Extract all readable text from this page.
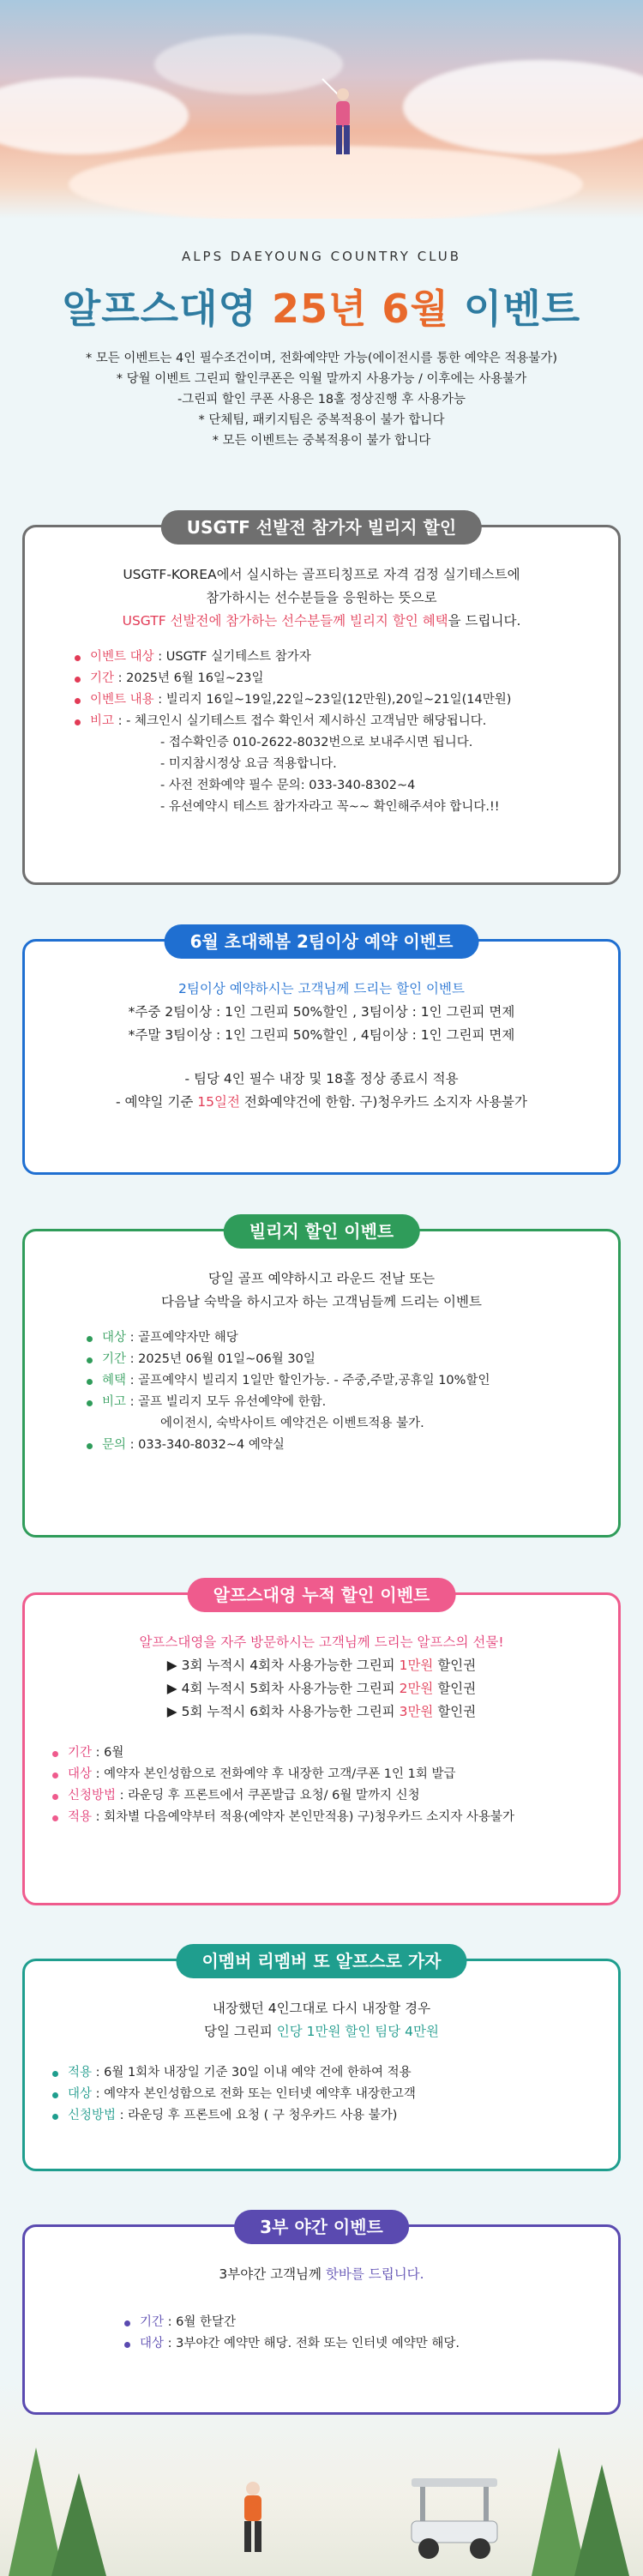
ALPS DAEYOUNG COUNTRY CLUB
알프스대영 25년 6월 이벤트
* 모든 이벤트는 4인 필수조건이며, 전화예약만 가능(에이전시를 통한 예약은 적용불가)
* 당월 이벤트 그린피 할인쿠폰은 익월 말까지 사용가능 / 이후에는 사용불가
-그린피 할인 쿠폰 사용은 18홀 정상진행 후 사용가능
* 단체팀, 패키지팀은 중복적용이 불가 합니다
* 모든 이벤트는 중복적용이 불가 합니다
USGTF 선발전 참가자 빌리지 할인
USGTF-KOREA에서 실시하는 골프티칭프로 자격 검정 실기테스트에
참가하시는 선수분들을 응원하는 뜻으로
USGTF 선발전에 참가하는 선수분들께 빌리지 할인 혜택을 드립니다.
이벤트 대상 : USGTF 실기테스트 참가자
기간 : 2025년 6월 16일~23일
이벤트 내용 : 빌리지 16일~19일,22일~23일(12만원),20일~21일(14만원)
비고 : - 체크인시 실기테스트 접수 확인서 제시하신 고객님만 해당됩니다.
- 접수확인증 010-2622-8032번으로 보내주시면 됩니다.
- 미지참시정상 요금 적용합니다.
- 사전 전화예약 필수 문의: 033-340-8302~4
- 유선예약시 테스트 참가자라고 꼭~~ 확인해주셔야 합니다.!!
6월 초대해봄 2팀이상 예약 이벤트
2팀이상 예약하시는 고객님께 드리는 할인 이벤트
*주중 2팀이상 : 1인 그린피 50%할인 , 3팀이상 : 1인 그린피 면제
*주말 3팀이상 : 1인 그린피 50%할인 , 4팀이상 : 1인 그린피 면제
- 팀당 4인 필수 내장 및 18홀 정상 종료시 적용
- 예약일 기준 15일전 전화예약건에 한함. 구)청우카드 소지자 사용불가
빌리지 할인 이벤트
당일 골프 예약하시고 라운드 전날 또는
다음날 숙박을 하시고자 하는 고객님들께 드리는 이벤트
대상 : 골프예약자만 해당
기간 : 2025년 06월 01일~06월 30일
혜택 : 골프예약시 빌리지 1일만 할인가능. - 주중,주말,공휴일 10%할인
비고 : 골프 빌리지 모두 유선예약에 한함.
에이전시, 숙박사이트 예약건은 이벤트적용 불가.
문의 : 033-340-8032~4 예약실
알프스대영 누적 할인 이벤트
알프스대영을 자주 방문하시는 고객님께 드리는 알프스의 선물!
▶ 3회 누적시 4회차 사용가능한 그린피 1만원 할인권
▶ 4회 누적시 5회차 사용가능한 그린피 2만원 할인권
▶ 5회 누적시 6회차 사용가능한 그린피 3만원 할인권
기간 : 6월
대상 : 예약자 본인성함으로 전화예약 후 내장한 고객/쿠폰 1인 1회 발급
신청방법 : 라운딩 후 프론트에서 쿠폰발급 요청/ 6월 말까지 신청
적용 : 회차별 다음예약부터 적용(예약자 본인만적용) 구)청우카드 소지자 사용불가
이멤버 리멤버 또 알프스로 가자
내장했던 4인그대로 다시 내장할 경우
당일 그린피 인당 1만원 할인 팀당 4만원
적용 : 6월 1회차 내장일 기준 30일 이내 예약 건에 한하여 적용
대상 : 예약자 본인성함으로 전화 또는 인터넷 예약후 내장한고객
신청방법 : 라운딩 후 프론트에 요청 ( 구 청우카드 사용 불가)
3부 야간 이벤트
3부야간 고객님께 핫바를 드립니다.
기간 : 6월 한달간
대상 : 3부야간 예약만 해당. 전화 또는 인터넷 예약만 해당.
